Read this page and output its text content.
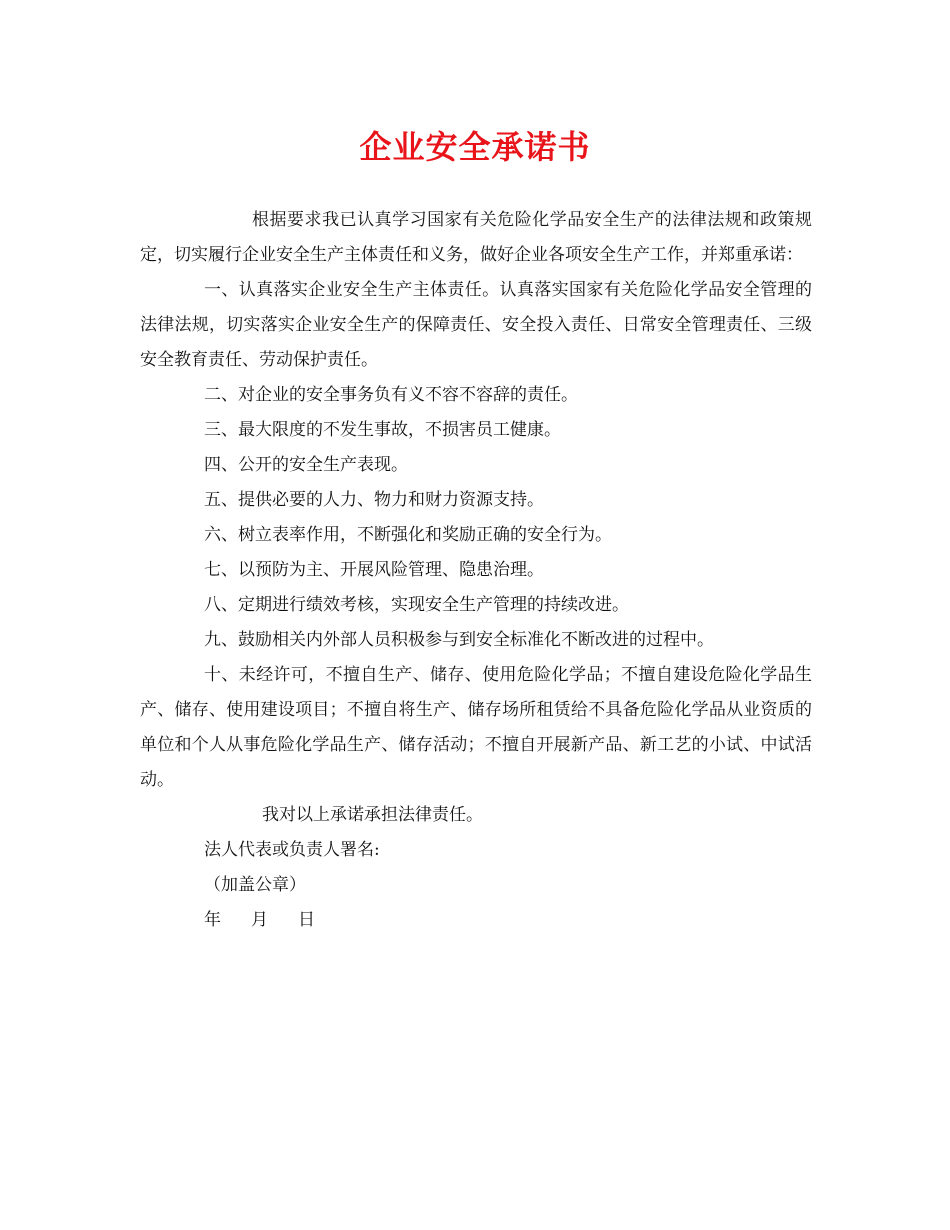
企业安全承诺书

根据要求我已认真学习国家有关危险化学品安全生产的法律法规和政策规定，切实履行企业安全生产主体责任和义务，做好企业各项安全生产工作，并郑重承诺：

一、认真落实企业安全生产主体责任。认真落实国家有关危险化学品安全管理的法律法规，切实落实企业安全生产的保障责任、安全投入责任、日常安全管理责任、三级安全教育责任、劳动保护责任。

二、对企业的安全事务负有义不容不容辞的责任。

三、最大限度的不发生事故，不损害员工健康。

四、公开的安全生产表现。

五、提供必要的人力、物力和财力资源支持。

六、树立表率作用，不断强化和奖励正确的安全行为。

七、以预防为主、开展风险管理、隐患治理。

八、定期进行绩效考核，实现安全生产管理的持续改进。

九、鼓励相关内外部人员积极参与到安全标准化不断改进的过程中。

十、未经许可，不擅自生产、储存、使用危险化学品；不擅自建设危险化学品生产、储存、使用建设项目；不擅自将生产、储存场所租赁给不具备危险化学品从业资质的单位和个人从事危险化学品生产、储存活动；不擅自开展新产品、新工艺的小试、中试活动。

我对以上承诺承担法律责任。

法人代表或负责人署名:

（加盖公章）

年 月 日
